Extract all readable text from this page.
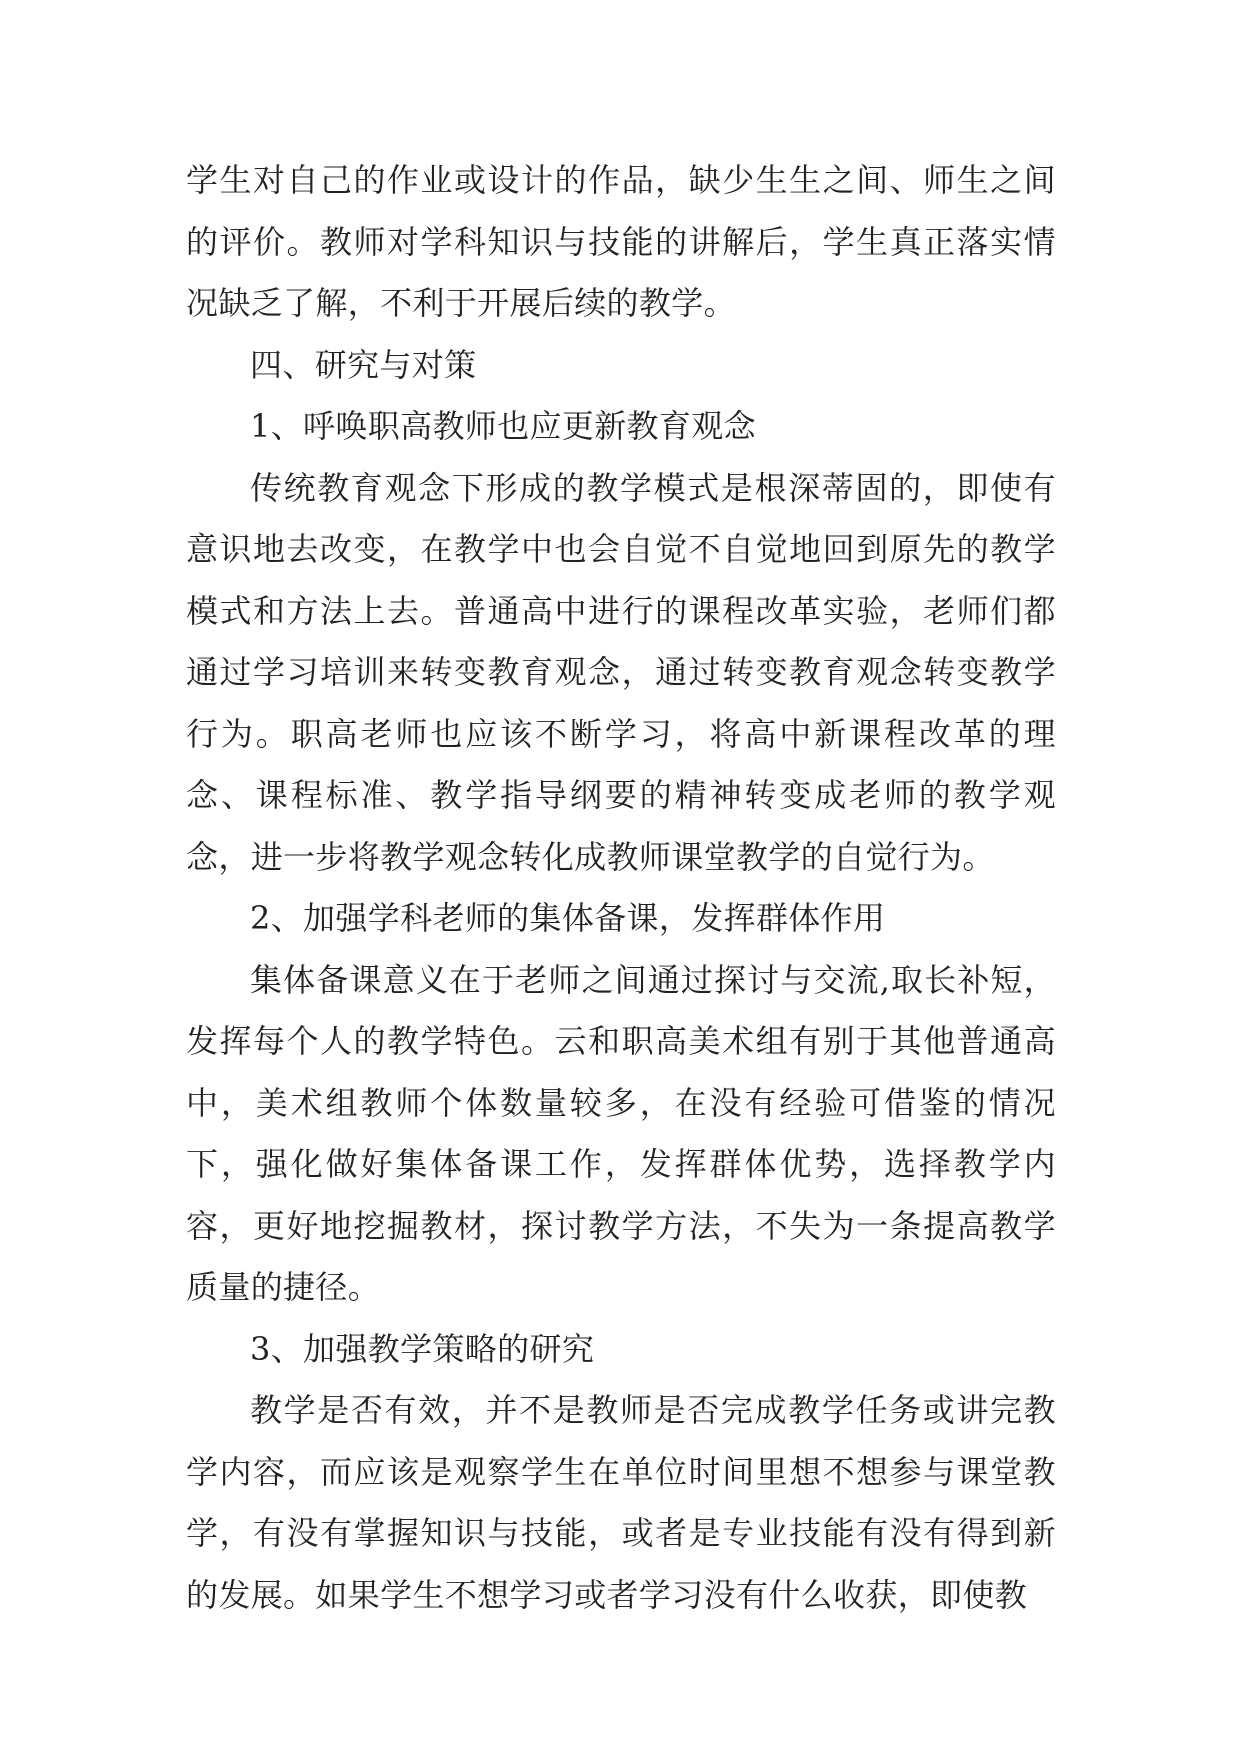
学生对自己的作业或设计的作品，缺少生生之间、师生之间的评价。教师对学科知识与技能的讲解后，学生真正落实情况缺乏了解，不利于开展后续的教学。

四、研究与对策

1、呼唤职高教师也应更新教育观念

传统教育观念下形成的教学模式是根深蒂固的，即使有意识地去改变，在教学中也会自觉不自觉地回到原先的教学模式和方法上去。普通高中进行的课程改革实验，老师们都通过学习培训来转变教育观念，通过转变教育观念转变教学行为。职高老师也应该不断学习，将高中新课程改革的理念、课程标准、教学指导纲要的精神转变成老师的教学观念，进一步将教学观念转化成教师课堂教学的自觉行为。

2、加强学科老师的集体备课，发挥群体作用

集体备课意义在于老师之间通过探讨与交流,取长补短，发挥每个人的教学特色。云和职高美术组有别于其他普通高中，美术组教师个体数量较多，在没有经验可借鉴的情况下，强化做好集体备课工作，发挥群体优势，选择教学内容，更好地挖掘教材，探讨教学方法，不失为一条提高教学质量的捷径。

3、加强教学策略的研究

教学是否有效，并不是教师是否完成教学任务或讲完教学内容，而应该是观察学生在单位时间里想不想参与课堂教学，有没有掌握知识与技能，或者是专业技能有没有得到新的发展。如果学生不想学习或者学习没有什么收获，即使教
